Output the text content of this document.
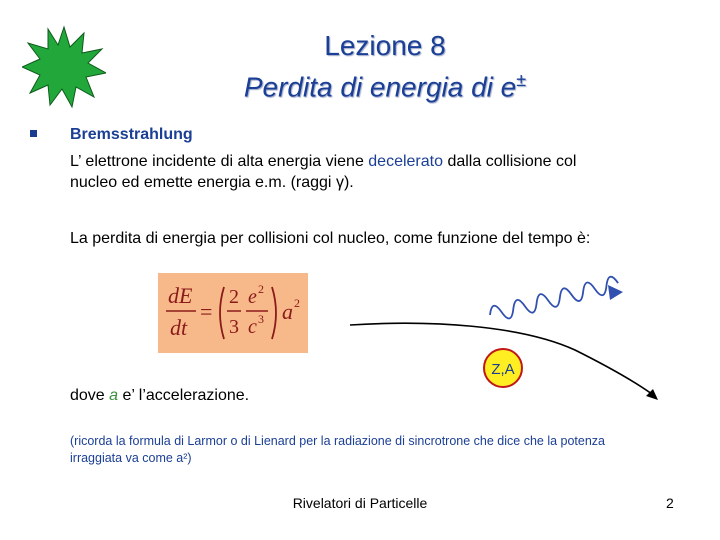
Lezione 8
Perdita di energia di e±
Bremsstrahlung
L’ elettrone incidente di alta energia viene decelerato dalla collisione col
nucleo ed emette energia e.m. (raggi γ).
La perdita di energia per collisioni col nucleo, come funzione del tempo è:
dE
dt
=
2
3
e 2
c 3 a 2
Z,A
dove a e’ l’accelerazione.
(ricorda la formula di Larmor o di Lienard per la radiazione di sincrotrone che dice che la potenza
irraggiata va come a²)
Rivelatori di Particelle	2
